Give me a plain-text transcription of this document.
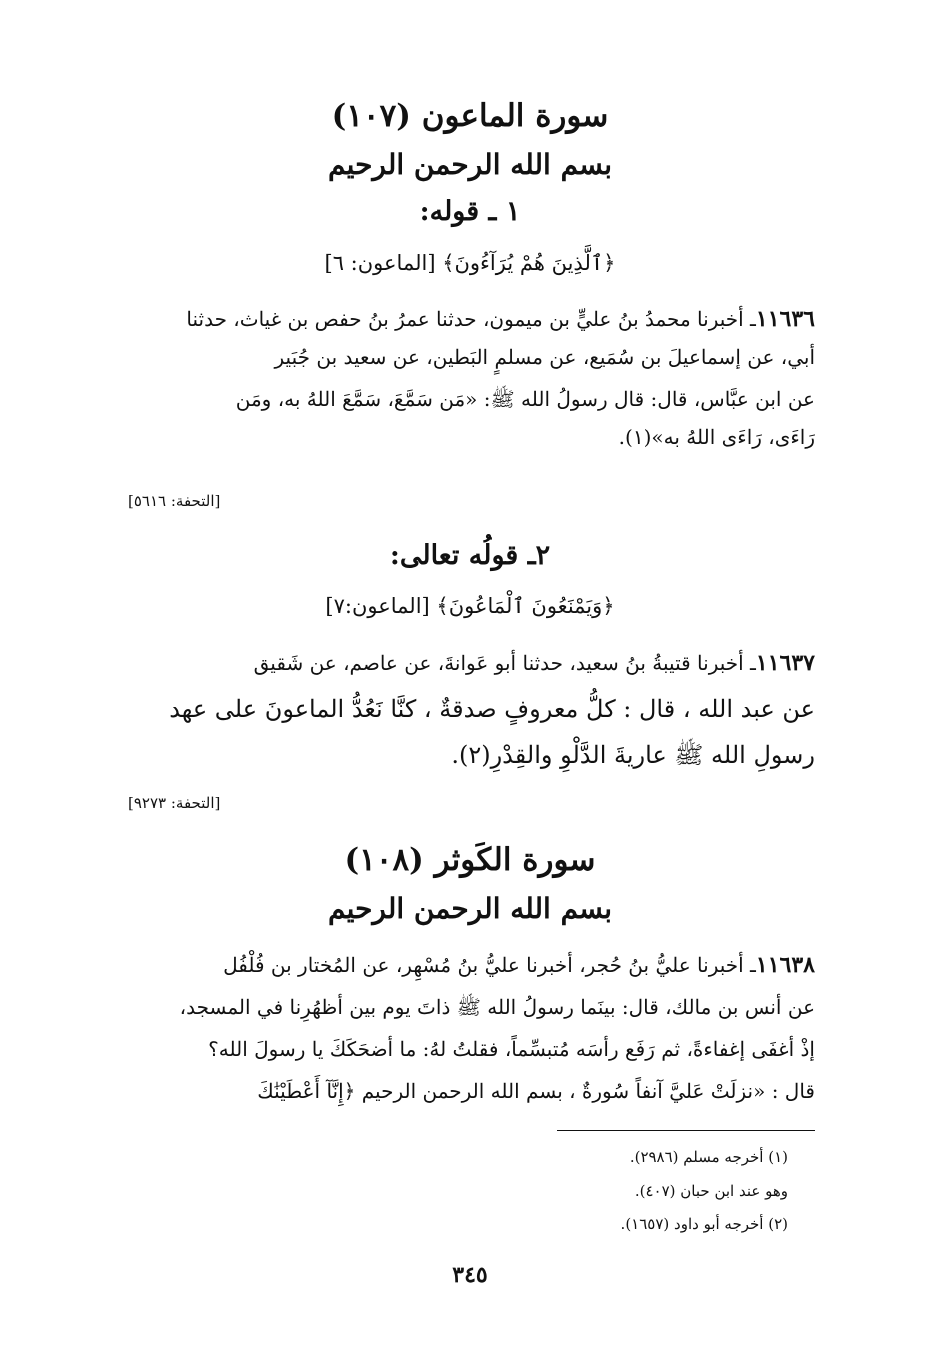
سورة الماعون (١٠٧)
بسم الله الرحمن الرحيم
١ ـ قوله:
﴿ٱلَّذِينَ هُمْ يُرَآءُونَ﴾ [الماعون: ٦]
١١٦٣٦ـ أخبرنا محمدُ بنُ عليٍّ بن ميمون، حدثنا عمرُ بنُ حفص بن غياث، حدثنا
أبي، عن إسماعيلَ بن سُمَيع، عن مسلمٍ البَطين، عن سعيد بن جُبَير
عن ابن عبَّاس، قال: قال رسولُ الله ﷺ: «مَن سَمَّعَ، سَمَّعَ اللهُ به، ومَن
رَاءَى، رَاءَى اللهُ به»(١).
[التحفة: ٥٦١٦]
٢ـ قولُه تعالى:
﴿وَيَمْنَعُونَ ٱلْمَاعُونَ﴾ [الماعون:٧]
١١٦٣٧ـ أخبرنا قتيبةُ بنُ سعيد، حدثنا أبو عَوانةَ، عن عاصم، عن شَقيق
عن عبد الله ، قال : كلُّ معروفٍ صدقةٌ ، كنَّا نَعُدُّ الماعونَ على عهد
رسولِ الله ﷺ عاريةَ الدَّلْوِ والقِدْرِ(٢).
[التحفة: ٩٢٧٣]
سورة الكَوثر (١٠٨)
بسم الله الرحمن الرحيم
١١٦٣٨ـ أخبرنا عليُّ بنُ حُجر، أخبرنا عليُّ بنُ مُسْهِر، عن المُختار بن فُلْفُل
عن أنس بن مالك، قال: بينَما رسولُ الله ﷺ ذاتَ يوم بين أظهُرِنا في المسجد،
إذْ أغفَى إغفاءةً، ثم رَفَع رأسَه مُتبسِّماً، فقلتُ لهُ: ما أضحَكَكَ يا رسولَ الله؟
قال : «نزلَتْ عَليَّ آنفاً سُورةٌ ، بسم الله الرحمن الرحيم ﴿إِنَّآ أَعْطَيْنَٰكَ
(١) أخرجه مسلم (٢٩٨٦).
وهو عند ابن حبان (٤٠٧).
(٢) أخرجه أبو داود (١٦٥٧).
٣٤٥
